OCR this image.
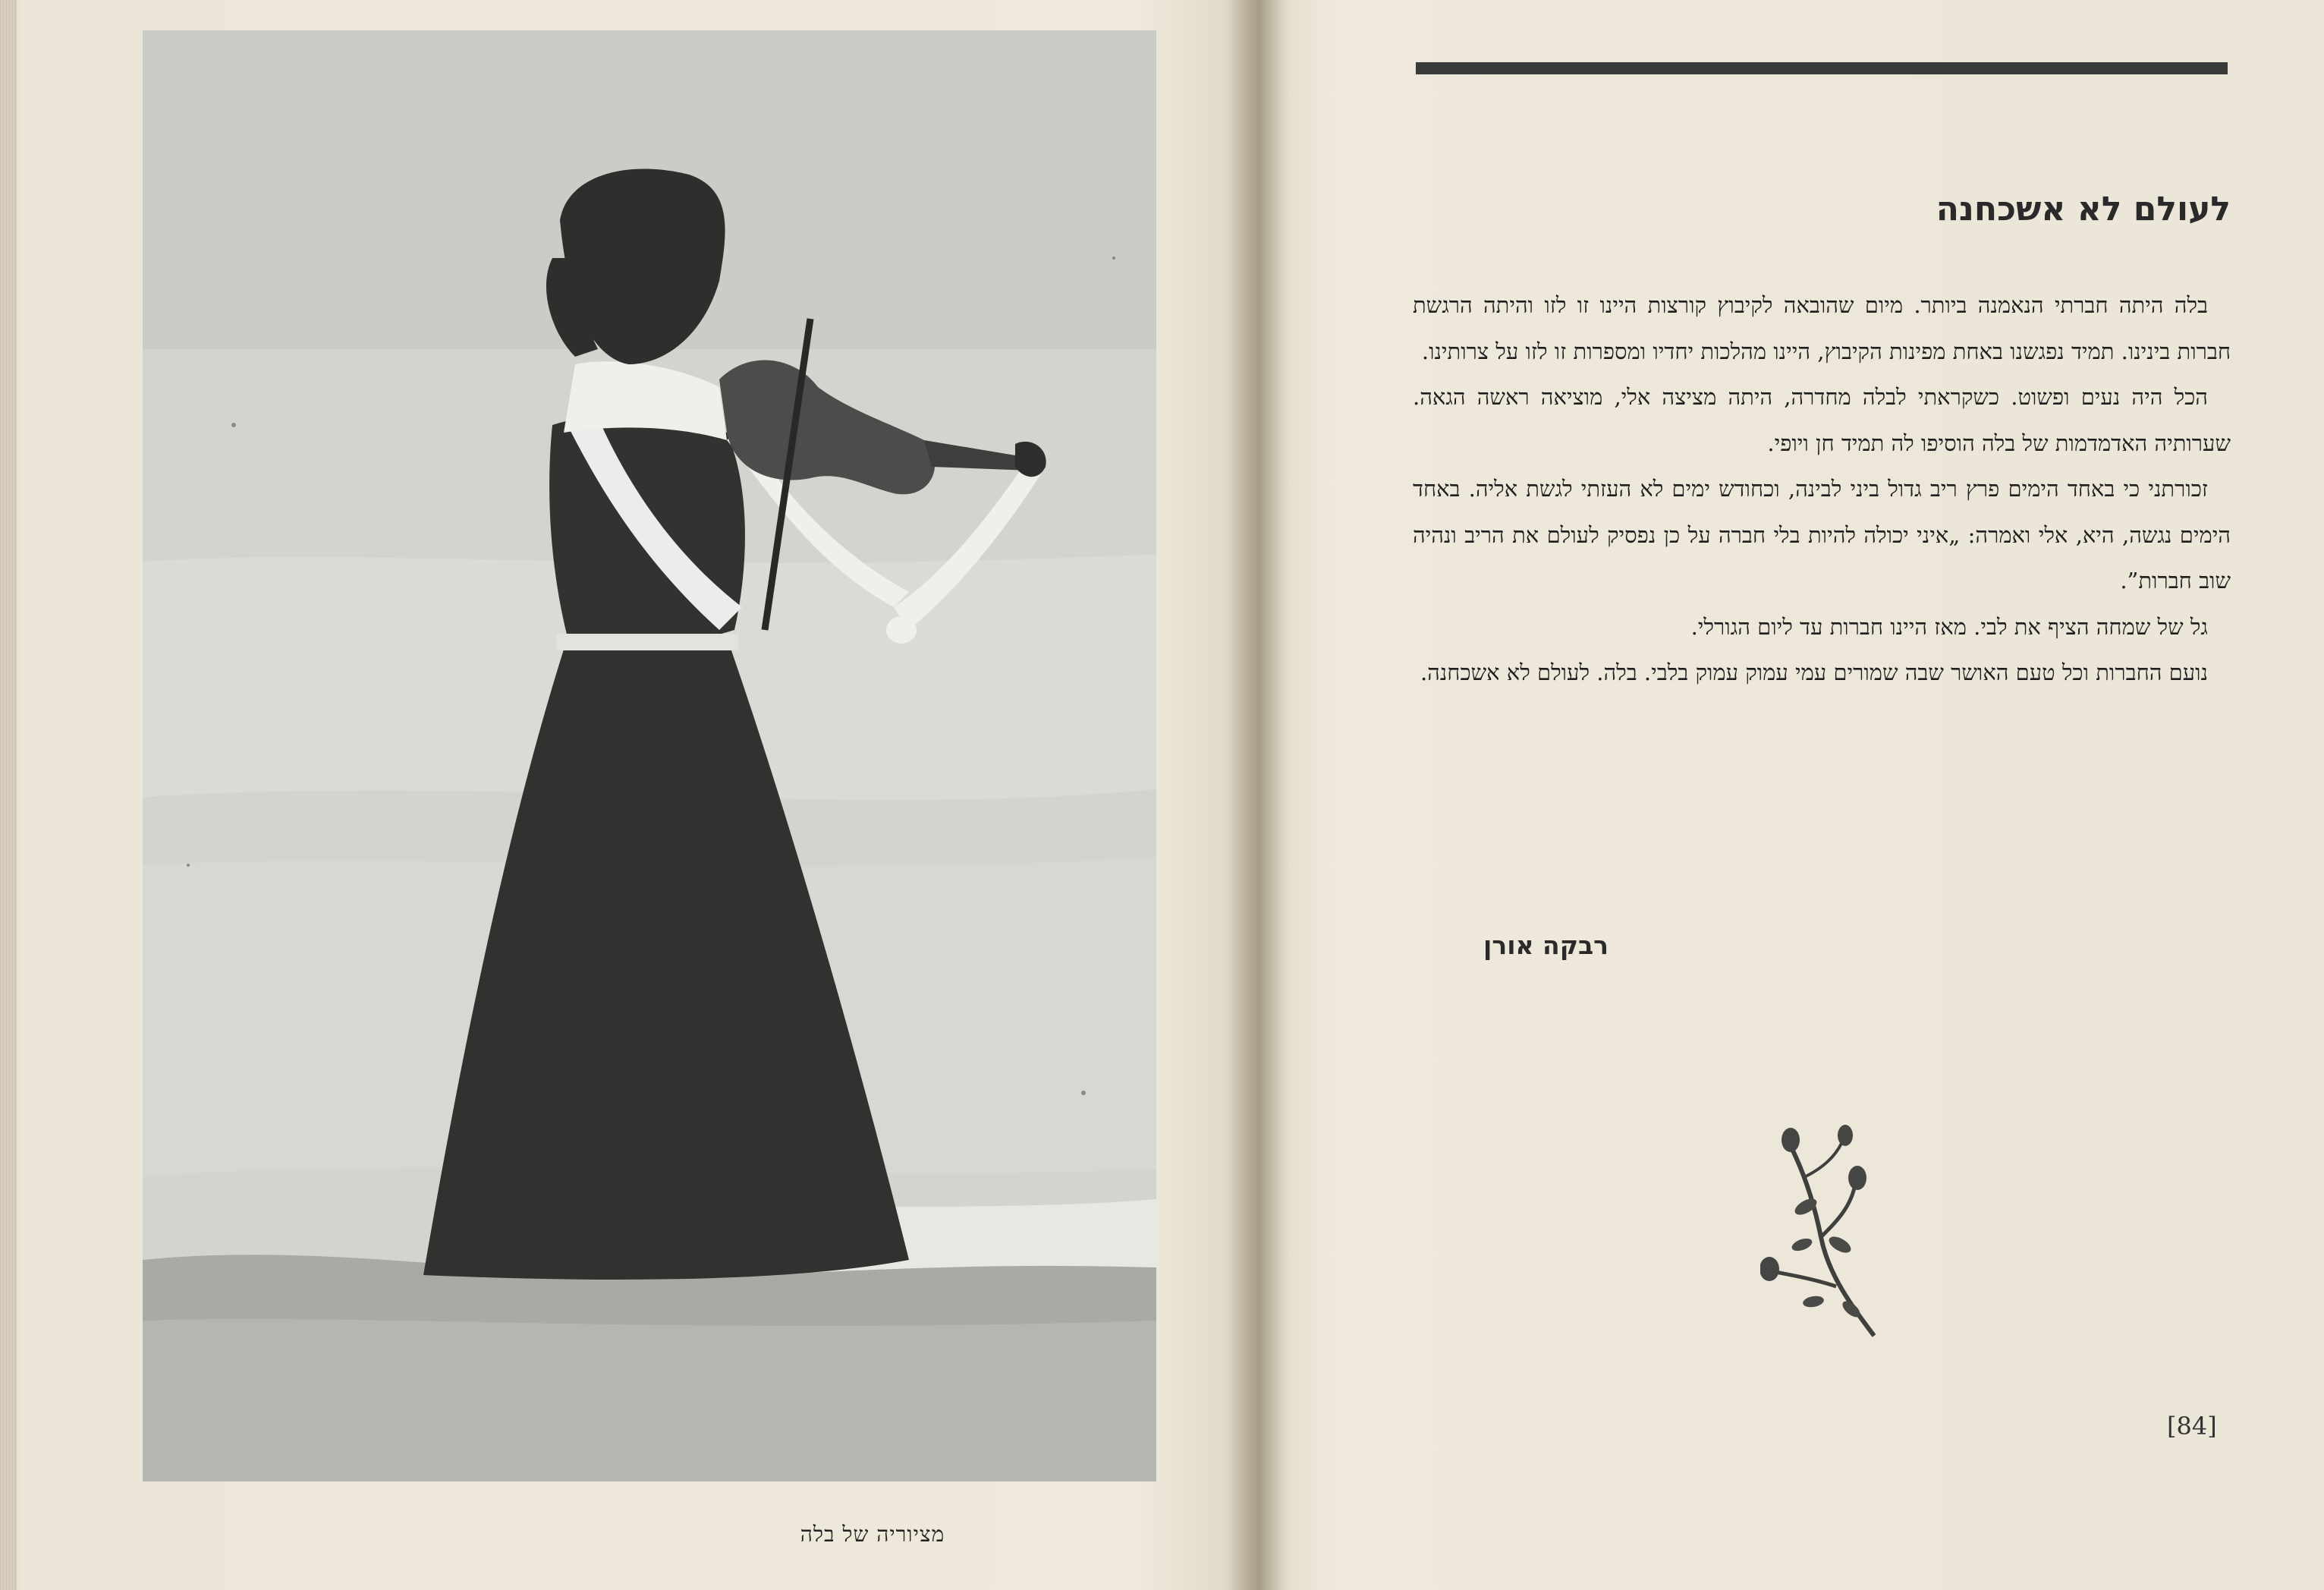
מציוריה של בלה
לעולם לא אשכחנה

בלה היתה חברתי הנאמנה ביותר. מיום שהובאה לקיבוץ קורצות היינו זו לזו והיתה הרגשת חברות בינינו. תמיד נפגשנו באחת מפינות הקיבוץ, היינו מהלכות יחדיו ומספרות זו לזו על צרותינו.

הכל היה נעים ופשוט. כשקראתי לבלה מחדרה, היתה מציצה אלי, מוציאה ראשה הגאה. שערותיה האדמדמות של בלה הוסיפו לה תמיד חן ויופי.

זכורתני כי באחד הימים פרץ ריב גדול ביני לבינה, וכחודש ימים לא העזתי לגשת אליה. באחד הימים נגשה, היא, אלי ואמרה: „איני יכולה להיות בלי חברה על כן נפסיק לעולם את הריב ונהיה שוב חברות”.

גל של שמחה הציף את לבי. מאז היינו חברות עד ליום הגורלי.

נועם החברות וכל טעם האושר שבה שמורים עמי עמוק עמוק בלבי. בלה. לעולם לא אשכחנה.

רבקה אורן
[84]
